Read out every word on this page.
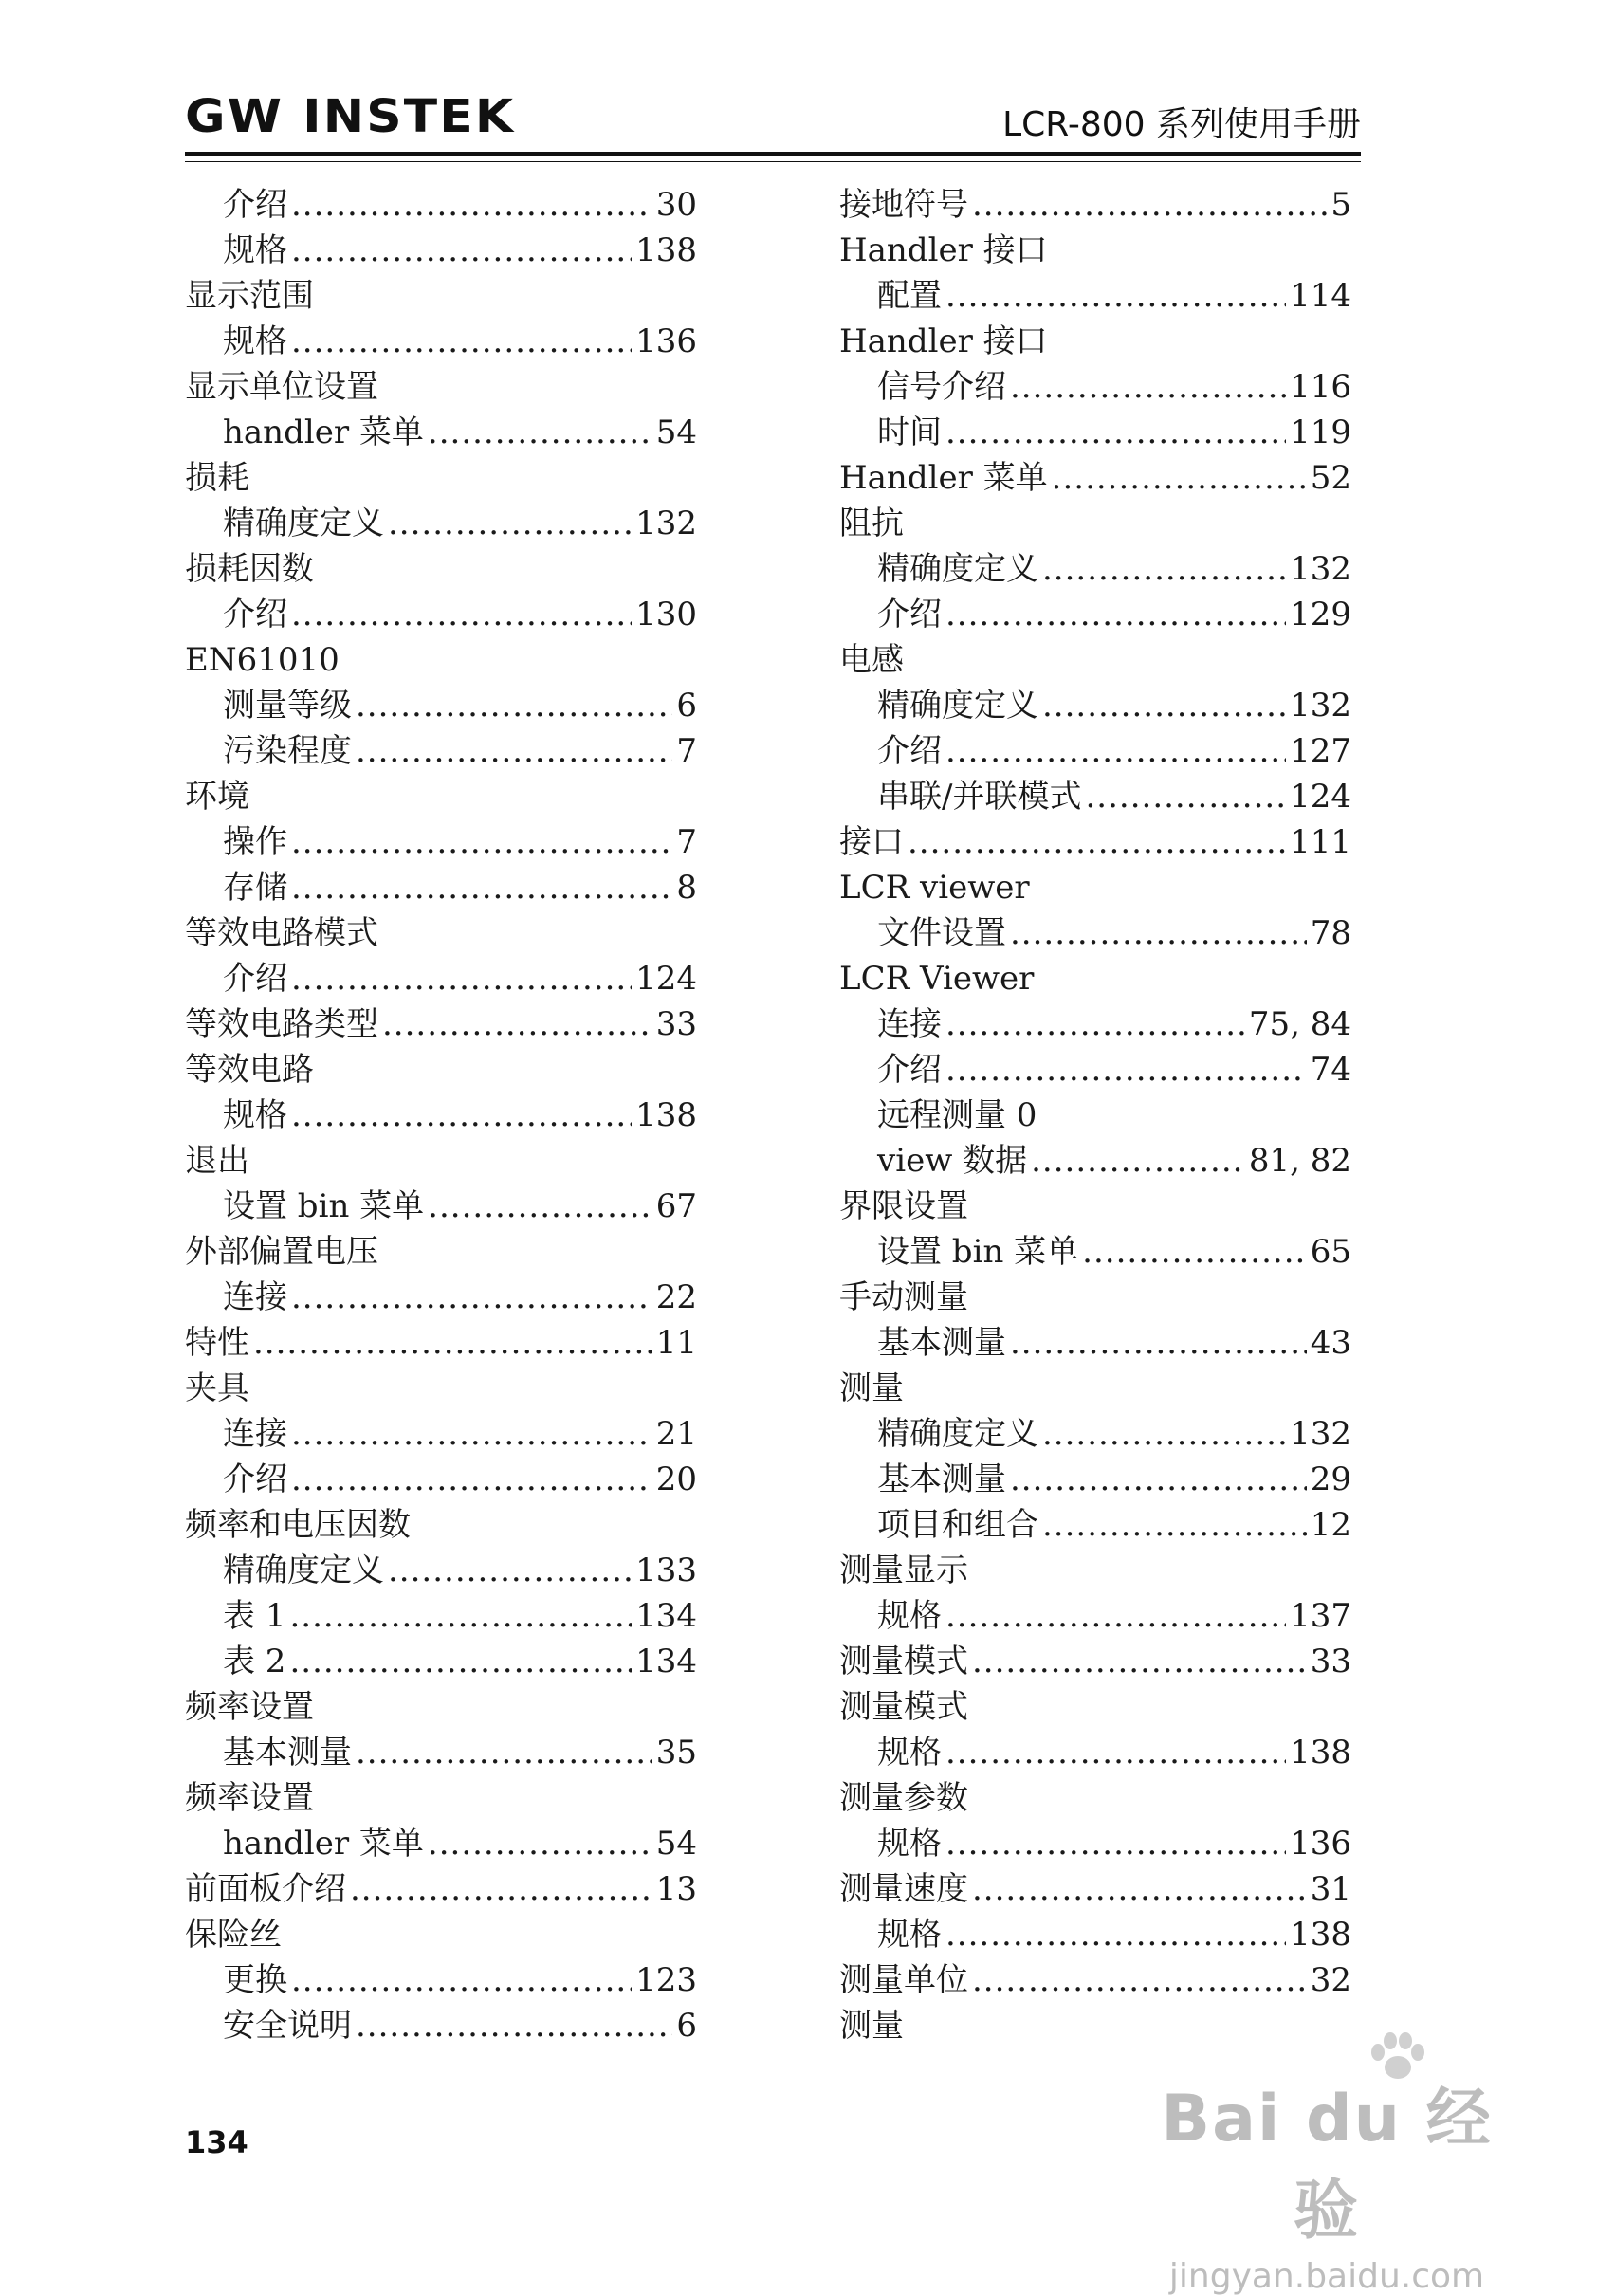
GW INSTEK	LCR-800 系列使用手册
介绍 .....	30
规格 .....	138
显示范围
规格 .....	136
显示单位设置
handler 菜单 .....	54
损耗
精确度定义 .....	132
损耗因数
介绍 .....	130
EN61010
测量等级 .....	6
污染程度 .....	7
环境
操作 .....	7
存储 .....	8
等效电路模式
介绍 .....	124
等效电路类型 .....	33
等效电路
规格 .....	138
退出
设置 bin 菜单 .....	67
外部偏置电压
连接 .....	22
特性 .....	11
夹具
连接 .....	21
介绍 .....	20
频率和电压因数
精确度定义 .....	133
表 1 .....	134
表 2 .....	134
频率设置
基本测量 .....	35
频率设置
handler 菜单 .....	54
前面板介绍 .....	13
保险丝
更换 .....	123
安全说明 .....	6
接地符号 .....	5
Handler 接口
配置 .....	114
Handler 接口
信号介绍 .....	116
时间 .....	119
Handler 菜单 .....	52
阻抗
精确度定义 .....	132
介绍 .....	129
电感
精确度定义 .....	132
介绍 .....	127
串联/并联模式 .....	124
接口 .....	111
LCR viewer
文件设置 .....	78
LCR Viewer
连接 .....	75, 84
介绍 .....	74
远程测量 0
view 数据 .....	81, 82
界限设置
设置 bin 菜单 .....	65
手动测量
基本测量 .....	43
测量
精确度定义 .....	132
基本测量 .....	29
项目和组合 .....	12
测量显示
规格 .....	137
测量模式 .....	33
测量模式
规格 .....	138
测量参数
规格 .....	136
测量速度 .....	31
规格 .....	138
测量单位 .....	32
测量
134	Bai du 经验
jingyan.baidu.com
